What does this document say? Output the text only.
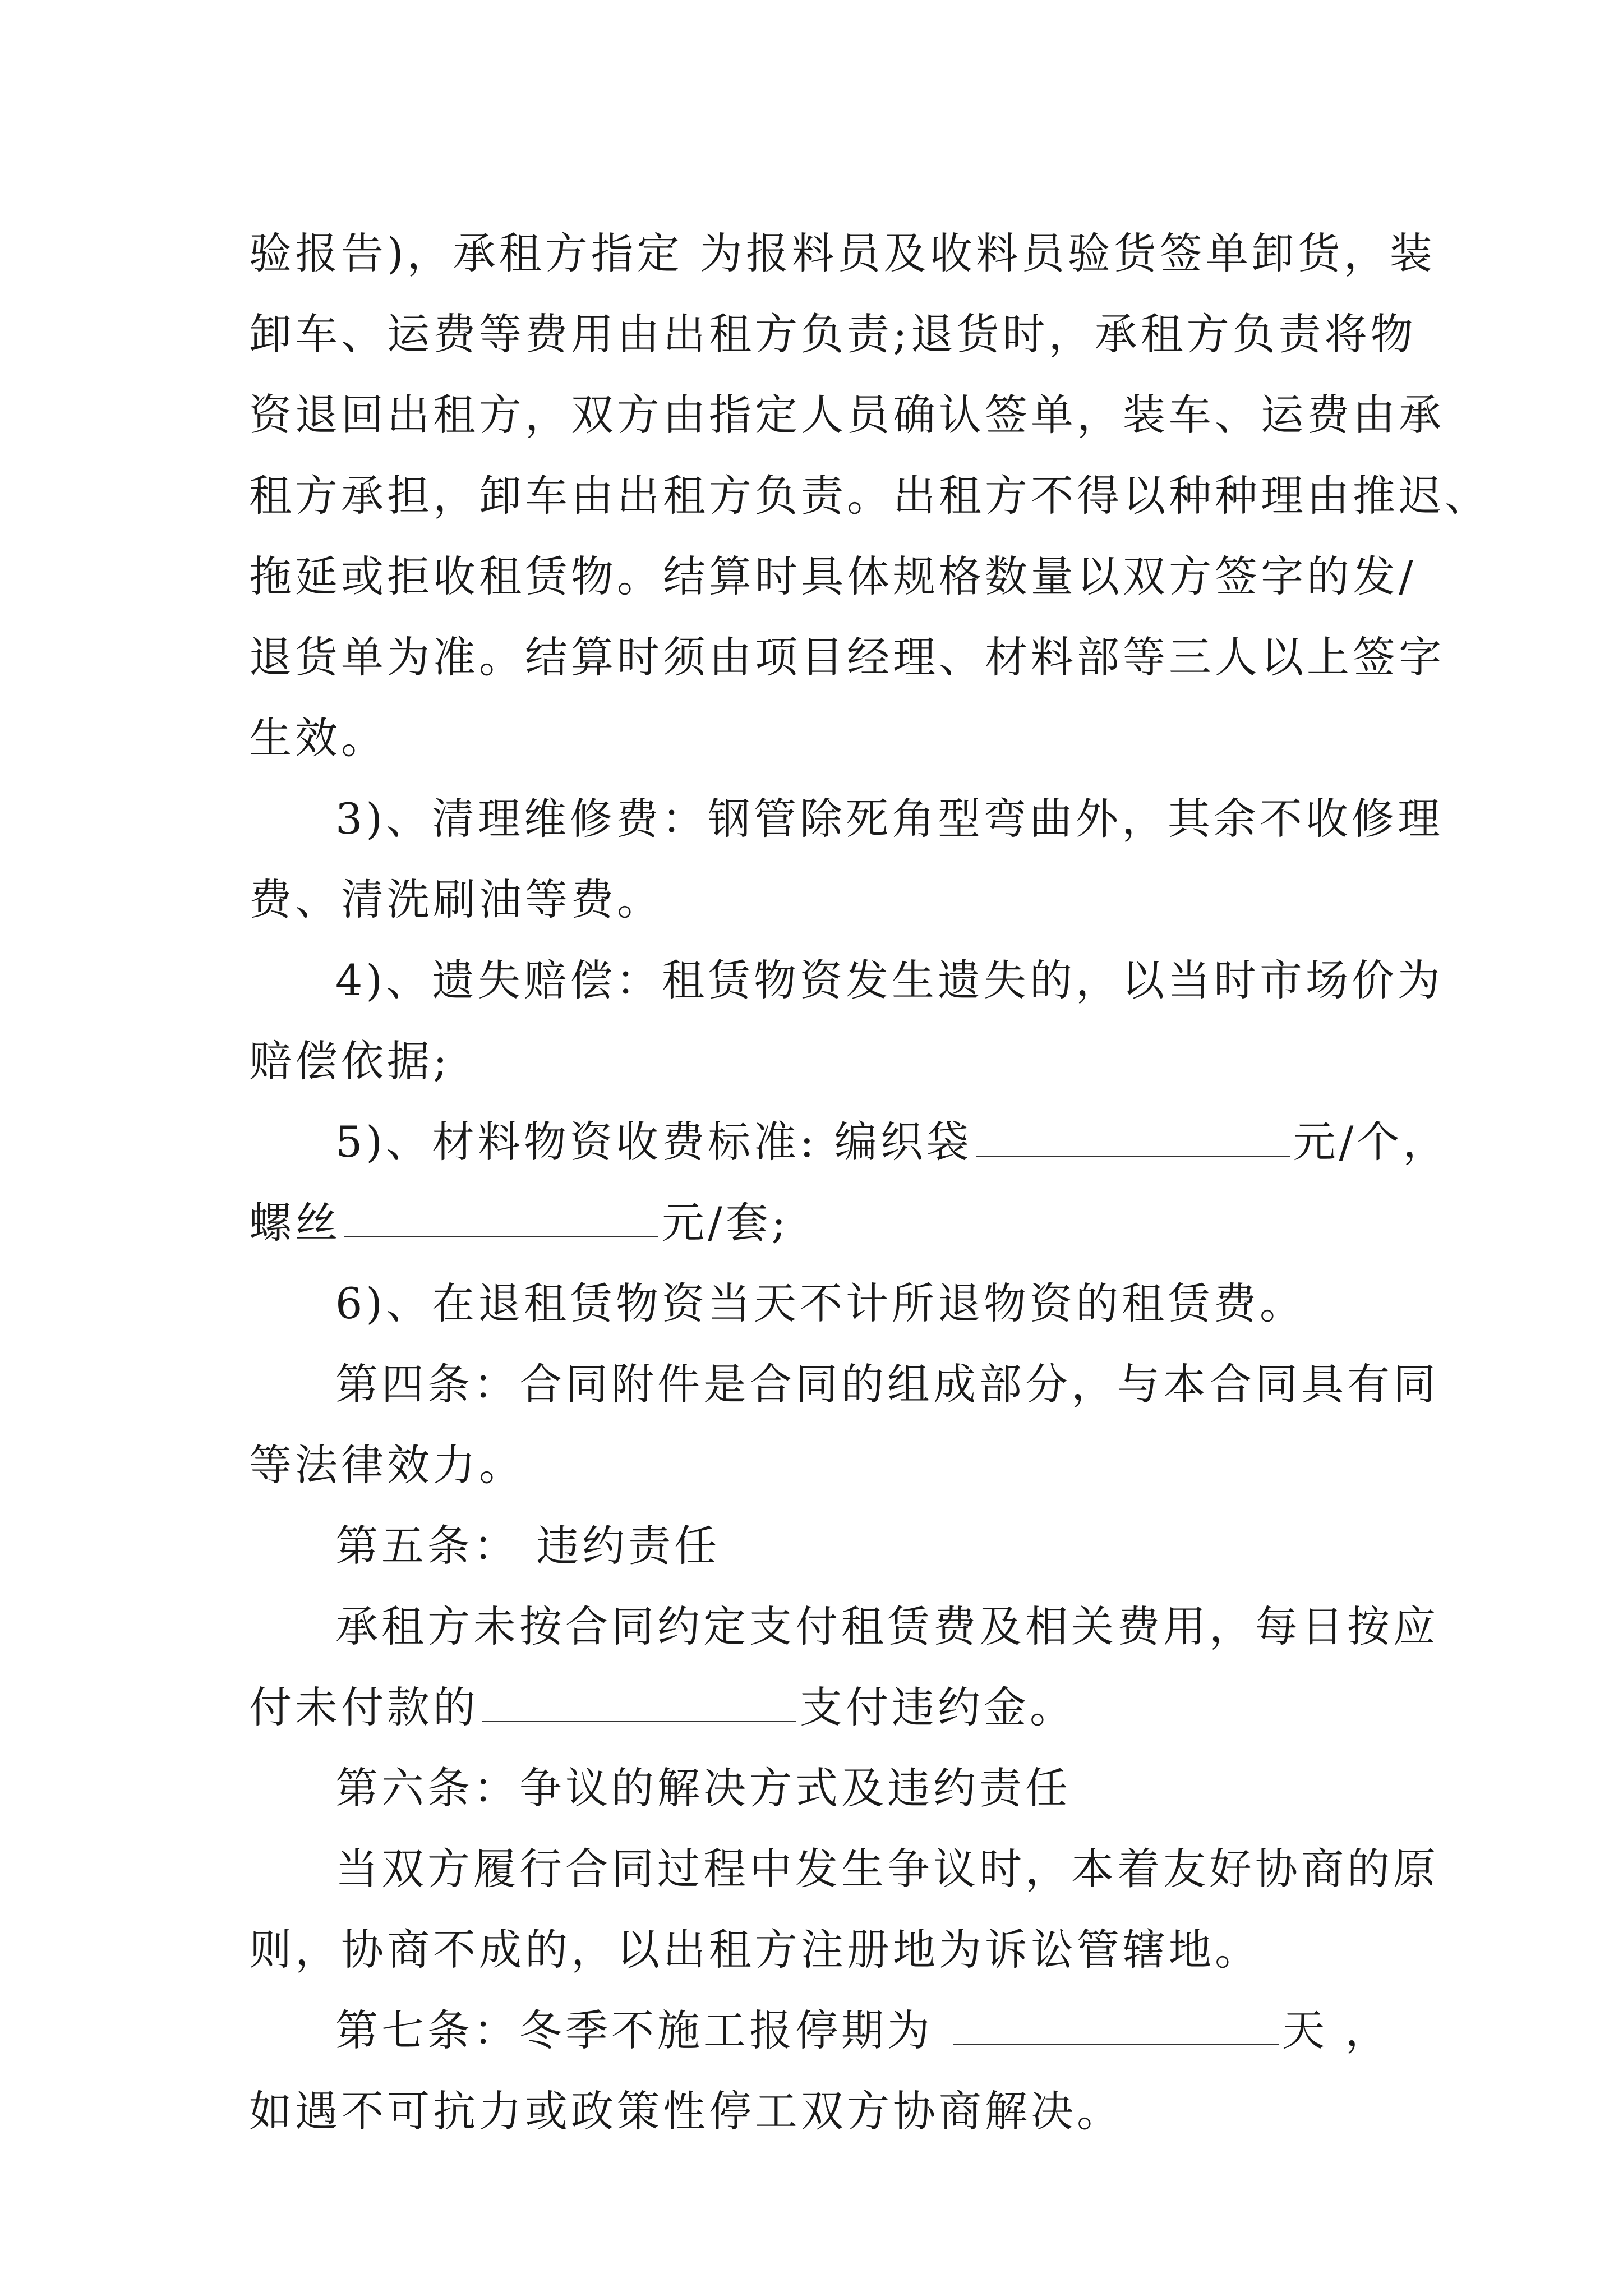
验报告)，承租方指定 为报料员及收料员验货签单卸货，装
卸车、运费等费用由出租方负责;退货时，承租方负责将物
资退回出租方，双方由指定人员确认签单，装车、运费由承
租方承担，卸车由出租方负责。出租方不得以种种理由推迟、
拖延或拒收租赁物。结算时具体规格数量以双方签字的发/
退货单为准。结算时须由项目经理、材料部等三人以上签字
生效。
3)、清理维修费：钢管除死角型弯曲外，其余不收修理
费、清洗刷油等费。
4)、遗失赔偿：租赁物资发生遗失的，以当时市场价为
赔偿依据;
5)、材料物资收费标准: 编织袋	元/个，
螺丝	元/套;
6)、在退租赁物资当天不计所退物资的租赁费。
第四条：合同附件是合同的组成部分，与本合同具有同
等法律效力。
第五条： 违约责任
承租方未按合同约定支付租赁费及相关费用，每日按应
付未付款的	支付违约金。
第六条：争议的解决方式及违约责任
当双方履行合同过程中发生争议时，本着友好协商的原
则，协商不成的，以出租方注册地为诉讼管辖地。
第七条：冬季不施工报停期为	天 ，
如遇不可抗力或政策性停工双方协商解决。
